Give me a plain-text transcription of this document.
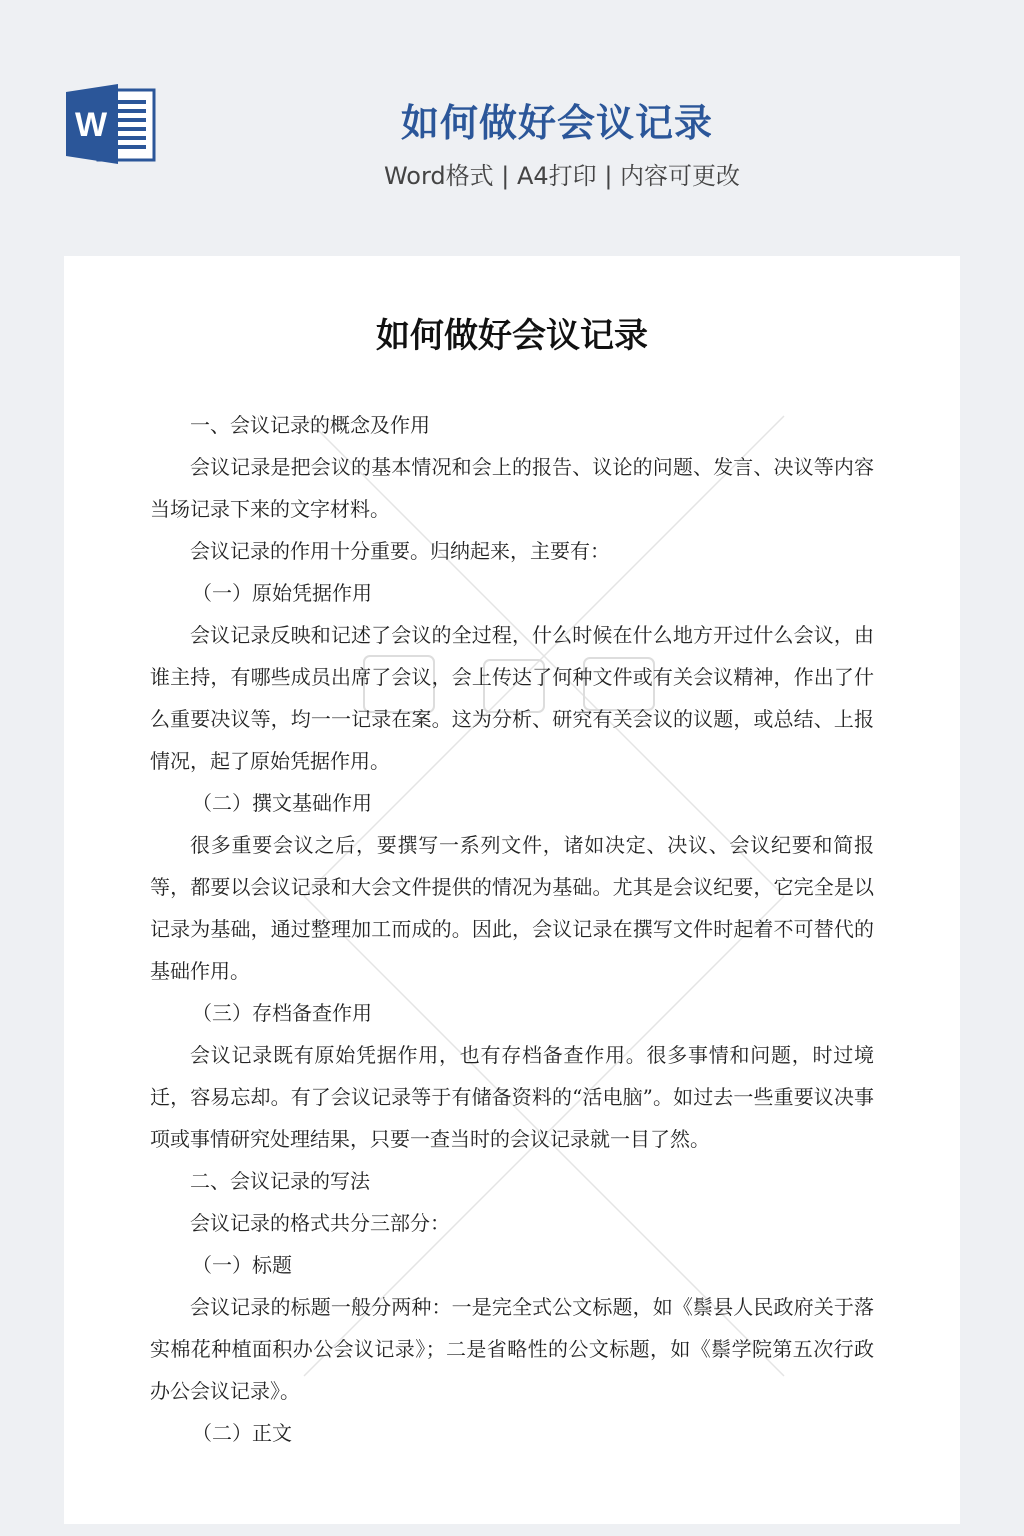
W	如何做好会议记录
Word格式 | A4打印 | 内容可更改
如何做好会议记录

一、会议记录的概念及作用

会议记录是把会议的基本情况和会上的报告、议论的问题、发言、决议等内容当场记录下来的文字材料。

会议记录的作用十分重要。归纳起来，主要有：

（一）原始凭据作用

会议记录反映和记述了会议的全过程，什么时候在什么地方开过什么会议，由谁主持，有哪些成员出席了会议，会上传达了何种文件或有关会议精神，作出了什么重要决议等，均一一记录在案。这为分析、研究有关会议的议题，或总结、上报情况，起了原始凭据作用。

（二）撰文基础作用

很多重要会议之后，要撰写一系列文件，诸如决定、决议、会议纪要和简报等，都要以会议记录和大会文件提供的情况为基础。尤其是会议纪要，它完全是以记录为基础，通过整理加工而成的。因此，会议记录在撰写文件时起着不可替代的基础作用。

（三）存档备查作用

会议记录既有原始凭据作用，也有存档备查作用。很多事情和问题，时过境迁，容易忘却。有了会议记录等于有储备资料的“活电脑”。如过去一些重要议决事项或事情研究处理结果，只要一查当时的会议记录就一目了然。

二、会议记录的写法

会议记录的格式共分三部分：

（一）标题

会议记录的标题一般分两种：一是完全式公文标题，如《鬃县人民政府关于落实棉花种植面积办公会议记录》；二是省略性的公文标题，如《鬃学院第五次行政办公会议记录》。

（二）正文
